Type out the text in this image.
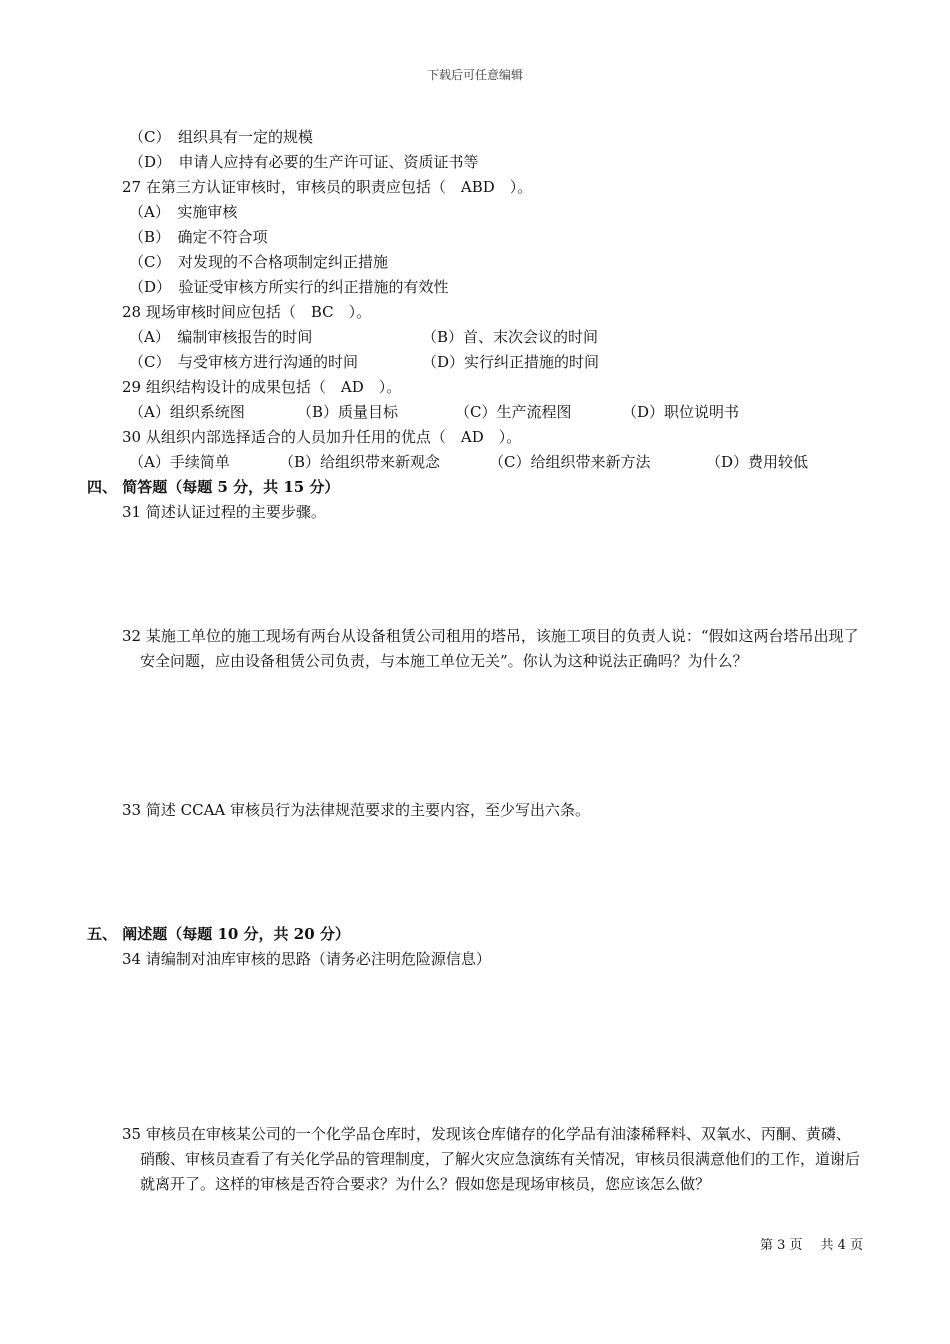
下载后可任意编辑
（C）　组织具有一定的规模
（D）　申请人应持有必要的生产许可证、资质证书等
27 在第三方认证审核时，审核员的职责应包括（　ABD　）。
（A）　实施审核
（B）　确定不符合项
（C）　对发现的不合格项制定纠正措施
（D）　验证受审核方所实行的纠正措施的有效性
28 现场审核时间应包括（　BC　）。
（A）　编制审核报告的时间	（B）首、末次会议的时间
（C）　与受审核方进行沟通的时间	（D）实行纠正措施的时间
29 组织结构设计的成果包括（　AD　）。
（A）组织系统图	（B）质量目标	（C）生产流程图	（D）职位说明书
30 从组织内部选择适合的人员加升任用的优点（　AD　）。
（A）手续简单	（B）给组织带来新观念	（C）给组织带来新方法	（D）费用较低
四、 简答题（每题 5 分，共 15 分）
31 简述认证过程的主要步骤。
32 某施工单位的施工现场有两台从设备租赁公司租用的塔吊，该施工项目的负责人说：“假如这两台塔吊出现了安全问题，应由设备租赁公司负责，与本施工单位无关”。你认为这种说法正确吗？为什么？
33 简述 CCAA 审核员行为法律规范要求的主要内容，至少写出六条。
五、 阐述题（每题 10 分，共 20 分）
34 请编制对油库审核的思路（请务必注明危险源信息）
35 审核员在审核某公司的一个化学品仓库时，发现该仓库储存的化学品有油漆稀释料、双氧水、丙酮、黄磷、硝酸、审核员查看了有关化学品的管理制度，了解火灾应急演练有关情况，审核员很满意他们的工作，道谢后就离开了。这样的审核是否符合要求？为什么？假如您是现场审核员，您应该怎么做？
第 3 页 共 4 页
